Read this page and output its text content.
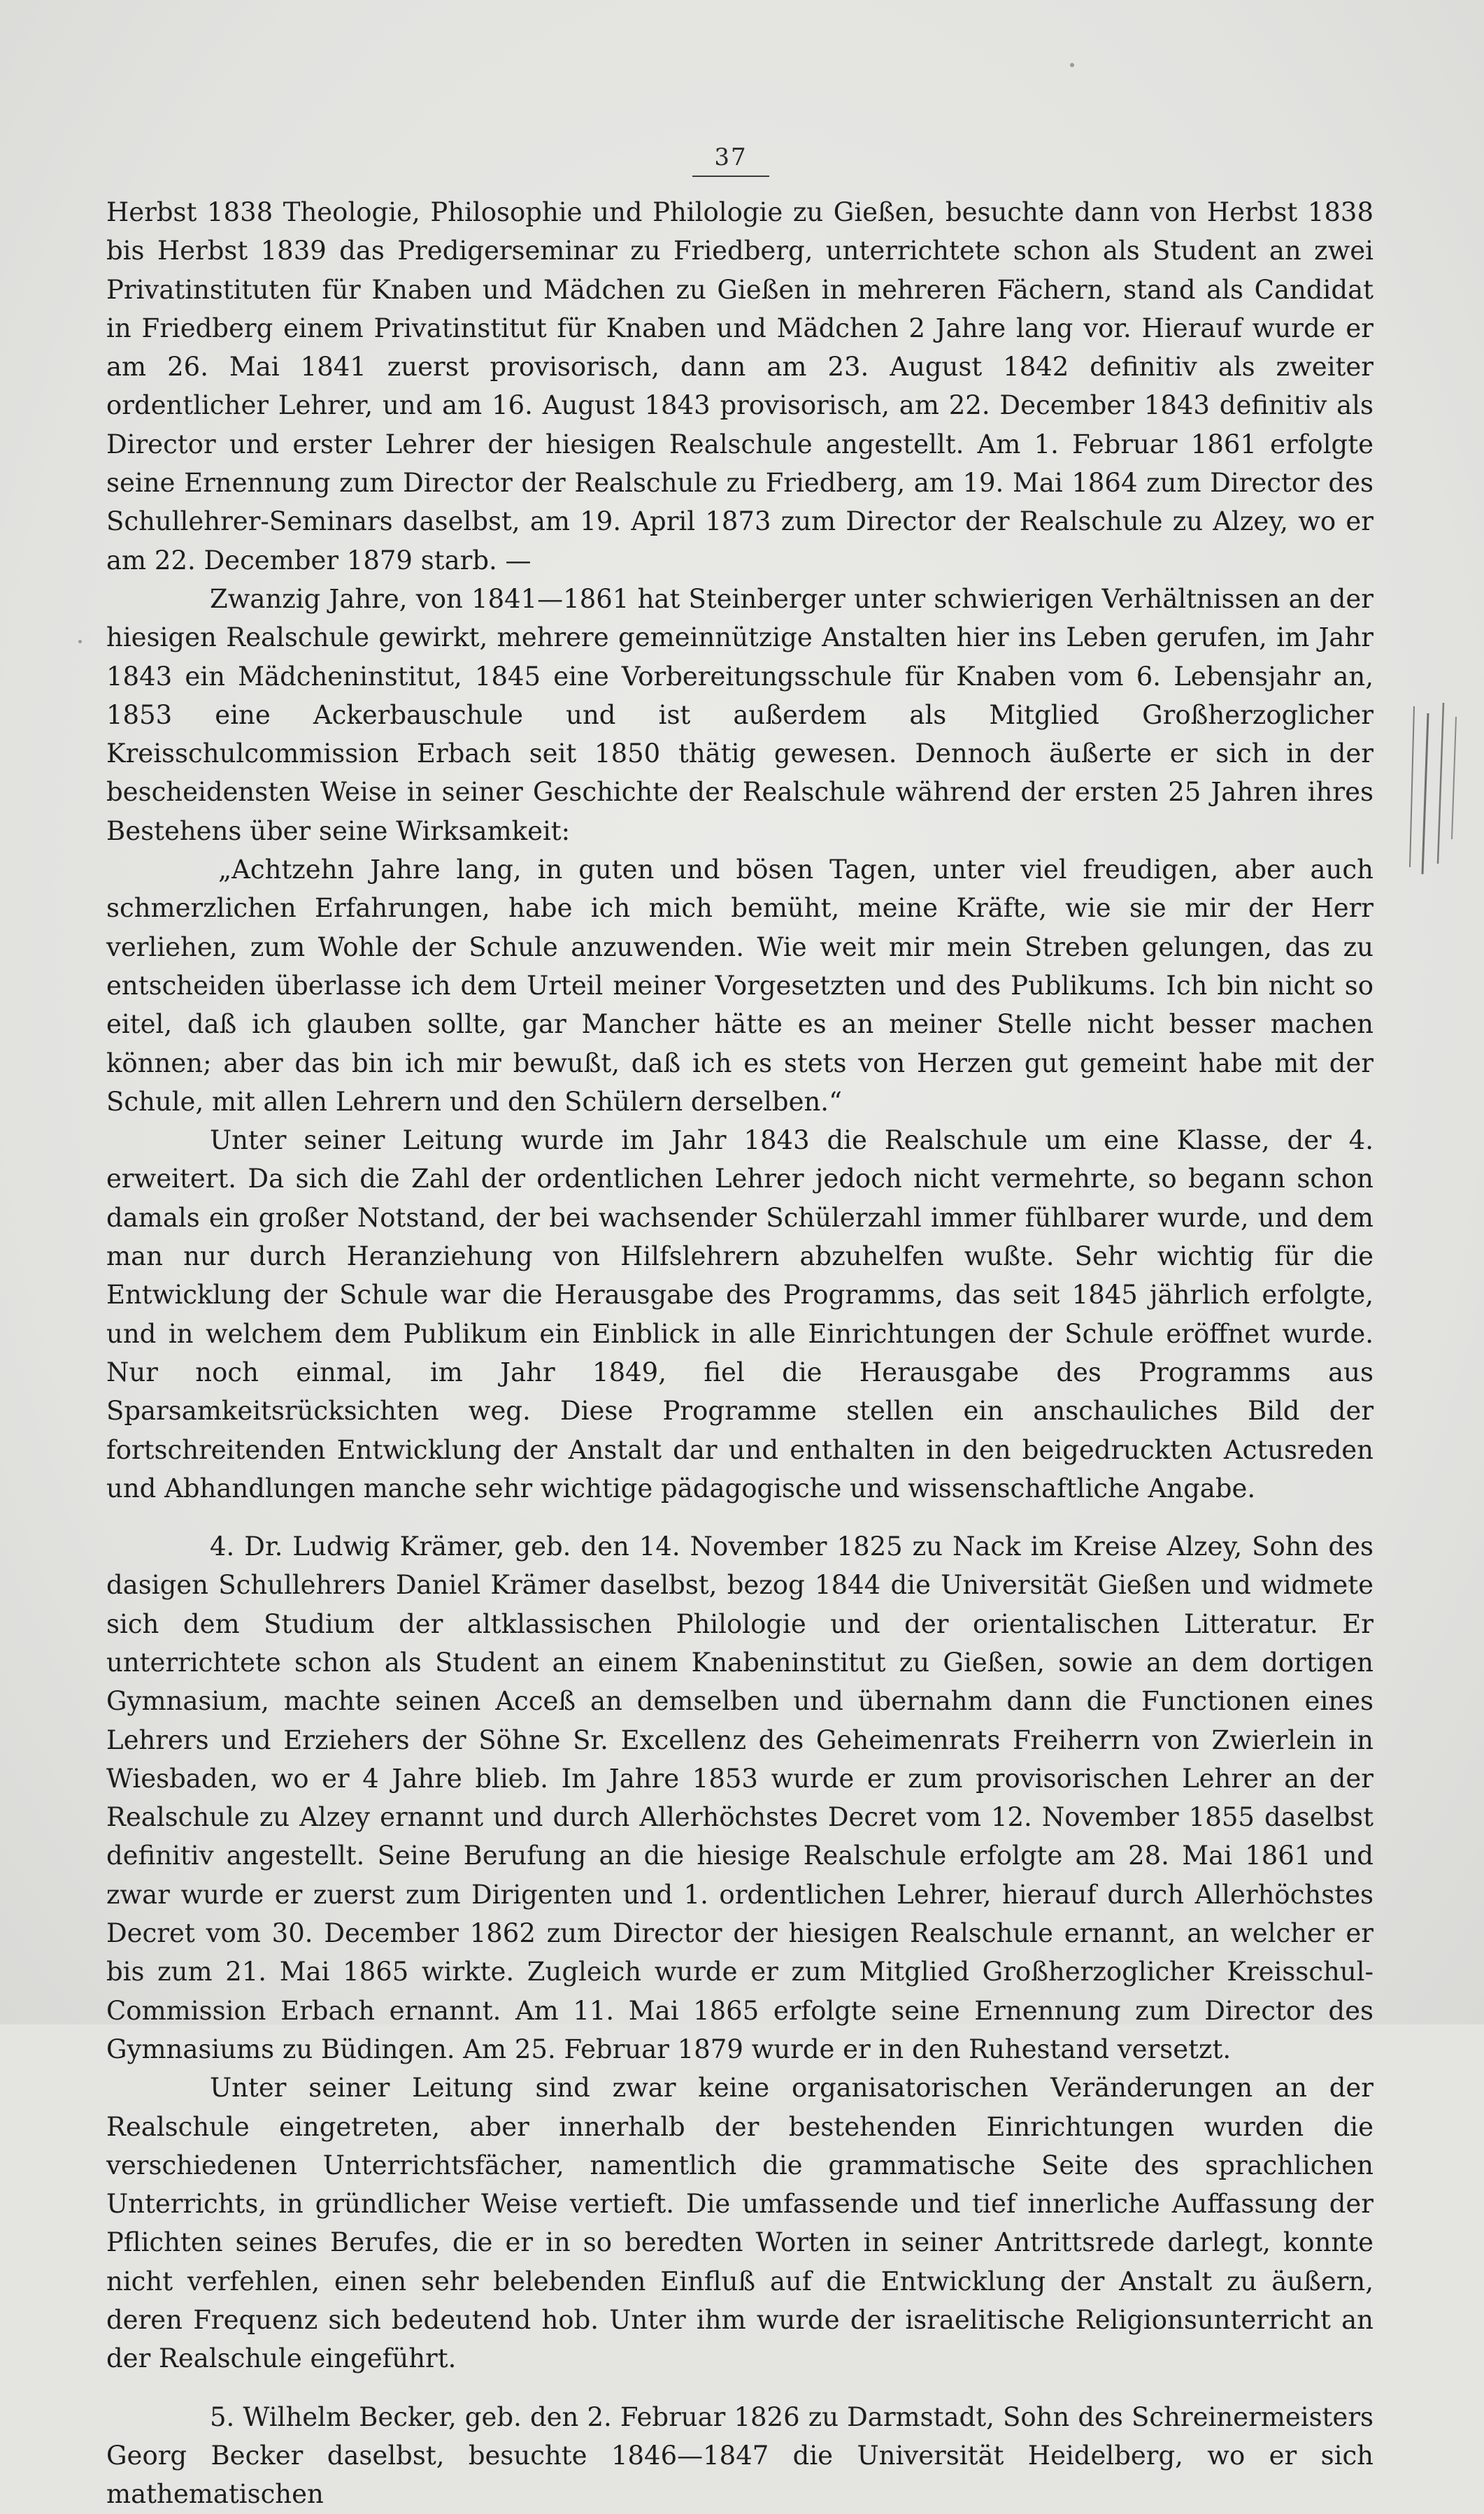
37

Herbst 1838 Theologie, Philosophie und Philologie zu Gießen, besuchte dann von Herbst 1838 bis Herbst 1839 das Predigerseminar zu Friedberg, unterrichtete schon als Student an zwei Privatinstituten für Knaben und Mädchen zu Gießen in mehreren Fächern, stand als Candidat in Friedberg einem Privatinstitut für Knaben und Mädchen 2 Jahre lang vor. Hierauf wurde er am 26. Mai 1841 zuerst provisorisch, dann am 23. August 1842 definitiv als zweiter ordentlicher Lehrer, und am 16. August 1843 provisorisch, am 22. December 1843 definitiv als Director und erster Lehrer der hiesigen Realschule angestellt. Am 1. Februar 1861 erfolgte seine Ernennung zum Director der Realschule zu Friedberg, am 19. Mai 1864 zum Director des Schullehrer-Seminars daselbst, am 19. April 1873 zum Director der Realschule zu Alzey, wo er am 22. December 1879 starb. —

Zwanzig Jahre, von 1841—1861 hat Steinberger unter schwierigen Verhältnissen an der hiesigen Realschule gewirkt, mehrere gemeinnützige Anstalten hier ins Leben gerufen, im Jahr 1843 ein Mädcheninstitut, 1845 eine Vorbereitungsschule für Knaben vom 6. Lebensjahr an, 1853 eine Ackerbauschule und ist außerdem als Mitglied Großherzoglicher Kreisschulcommission Erbach seit 1850 thätig gewesen. Dennoch äußerte er sich in der bescheidensten Weise in seiner Geschichte der Realschule während der ersten 25 Jahren ihres Bestehens über seine Wirksamkeit:

„Achtzehn Jahre lang, in guten und bösen Tagen, unter viel freudigen, aber auch schmerzlichen Erfahrungen, habe ich mich bemüht, meine Kräfte, wie sie mir der Herr verliehen, zum Wohle der Schule anzuwenden. Wie weit mir mein Streben gelungen, das zu entscheiden überlasse ich dem Urteil meiner Vorgesetzten und des Publikums. Ich bin nicht so eitel, daß ich glauben sollte, gar Mancher hätte es an meiner Stelle nicht besser machen können; aber das bin ich mir bewußt, daß ich es stets von Herzen gut gemeint habe mit der Schule, mit allen Lehrern und den Schülern derselben.“

Unter seiner Leitung wurde im Jahr 1843 die Realschule um eine Klasse, der 4. erweitert. Da sich die Zahl der ordentlichen Lehrer jedoch nicht vermehrte, so begann schon damals ein großer Notstand, der bei wachsender Schülerzahl immer fühlbarer wurde, und dem man nur durch Heranziehung von Hilfslehrern abzuhelfen wußte. Sehr wichtig für die Entwicklung der Schule war die Herausgabe des Programms, das seit 1845 jährlich erfolgte, und in welchem dem Publikum ein Einblick in alle Einrichtungen der Schule eröffnet wurde. Nur noch einmal, im Jahr 1849, fiel die Herausgabe des Programms aus Sparsamkeitsrücksichten weg. Diese Programme stellen ein anschauliches Bild der fortschreitenden Entwicklung der Anstalt dar und enthalten in den beigedruckten Actusreden und Abhandlungen manche sehr wichtige pädagogische und wissenschaftliche Angabe.

4. Dr. Ludwig Krämer, geb. den 14. November 1825 zu Nack im Kreise Alzey, Sohn des dasigen Schullehrers Daniel Krämer daselbst, bezog 1844 die Universität Gießen und widmete sich dem Studium der altklassischen Philologie und der orientalischen Litteratur. Er unterrichtete schon als Student an einem Knabeninstitut zu Gießen, sowie an dem dortigen Gymnasium, machte seinen Acceß an demselben und übernahm dann die Functionen eines Lehrers und Erziehers der Söhne Sr. Excellenz des Geheimenrats Freiherrn von Zwierlein in Wiesbaden, wo er 4 Jahre blieb. Im Jahre 1853 wurde er zum provisorischen Lehrer an der Realschule zu Alzey ernannt und durch Allerhöchstes Decret vom 12. November 1855 daselbst definitiv angestellt. Seine Berufung an die hiesige Realschule erfolgte am 28. Mai 1861 und zwar wurde er zuerst zum Dirigenten und 1. ordentlichen Lehrer, hierauf durch Allerhöchstes Decret vom 30. December 1862 zum Director der hiesigen Realschule ernannt, an welcher er bis zum 21. Mai 1865 wirkte. Zugleich wurde er zum Mitglied Großherzoglicher Kreisschul-Commission Erbach ernannt. Am 11. Mai 1865 erfolgte seine Ernennung zum Director des Gymnasiums zu Büdingen. Am 25. Februar 1879 wurde er in den Ruhestand versetzt.

Unter seiner Leitung sind zwar keine organisatorischen Veränderungen an der Realschule eingetreten, aber innerhalb der bestehenden Einrichtungen wurden die verschiedenen Unterrichtsfächer, namentlich die grammatische Seite des sprachlichen Unterrichts, in gründlicher Weise vertieft. Die umfassende und tief innerliche Auffassung der Pflichten seines Berufes, die er in so beredten Worten in seiner Antrittsrede darlegt, konnte nicht verfehlen, einen sehr belebenden Einfluß auf die Entwicklung der Anstalt zu äußern, deren Frequenz sich bedeutend hob. Unter ihm wurde der israelitische Religionsunterricht an der Realschule eingeführt.

5. Wilhelm Becker, geb. den 2. Februar 1826 zu Darmstadt, Sohn des Schreinermeisters Georg Becker daselbst, besuchte 1846—1847 die Universität Heidelberg, wo er sich mathematischen
